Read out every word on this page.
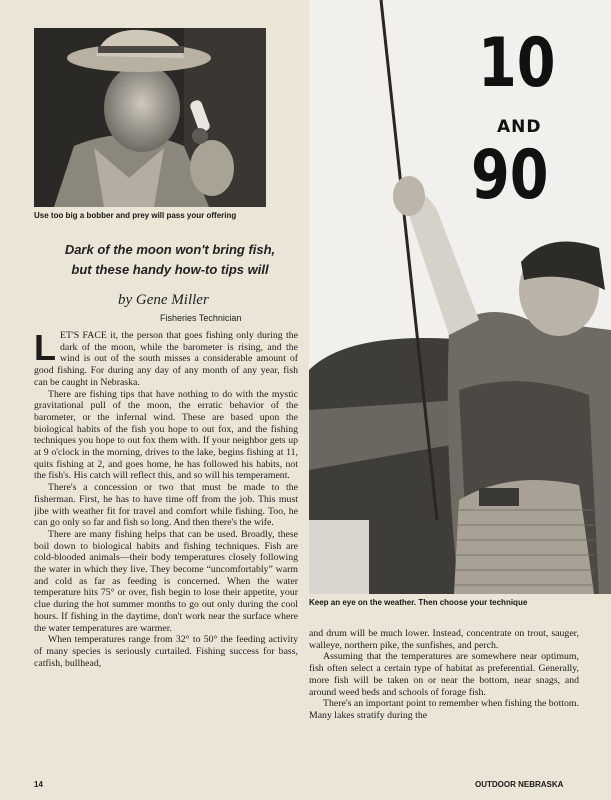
Use too big a bobber and prey will pass your offering
Keep an eye on the weather. Then choose your technique
10
AND
90
Dark of the moon won't bring fish,
but these handy how-to tips will
by Gene Miller
Fisheries Technician

LET'S FACE it, the person that goes fishing only during the dark of the moon, while the barometer is rising, and the wind is out of the south misses a considerable amount of good fishing. For during any day of any month of any year, fish can be caught in Nebraska.

There are fishing tips that have nothing to do with the mystic gravitational pull of the moon, the erratic behavior of the barometer, or the infernal wind. These are based upon the biological habits of the fish you hope to out fox, and the fishing techniques you hope to out fox them with. If your neighbor gets up at 9 o'clock in the morning, drives to the lake, begins fishing at 11, quits fishing at 2, and goes home, he has followed his habits, not the fish's. His catch will reflect this, and so will his temperament.

There's a concession or two that must be made to the fisherman. First, he has to have time off from the job. This must jibe with weather fit for travel and comfort while fishing. Too, he can go only so far and fish so long. And then there's the wife.

There are many fishing helps that can be used. Broadly, these boil down to biological habits and fishing techniques. Fish are cold-blooded animals—their body temperatures closely following the water in which they live. They become “uncomfortably” warm and cold as far as feeding is concerned. When the water temperature hits 75° or over, fish begin to lose their appetite, your clue during the hot summer months to go out only during the cool hours. If fishing in the daytime, don't work near the surface where the water temperatures are warmer.

When temperatures range from 32° to 50° the feeding activity of many species is seriously curtailed. Fishing success for bass, catfish, bullhead,

and drum will be much lower. Instead, concentrate on trout, sauger, walleye, northern pike, the sunfishes, and perch.

Assuming that the temperatures are somewhere near optimum, fish often select a certain type of habitat as preferential. Generally, more fish will be taken on or near the bottom, near snags, and around weed beds and schools of forage fish.

There's an important point to remember when fishing the bottom. Many lakes stratify during the

14	OUTDOOR NEBRASKA
